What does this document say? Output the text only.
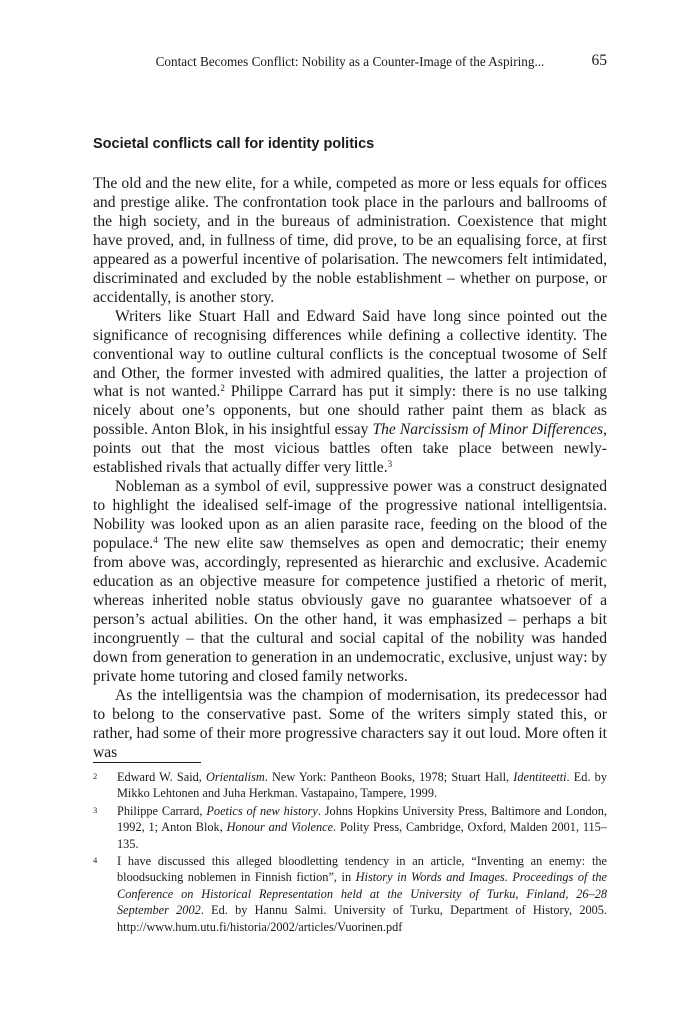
Contact Becomes Conflict: Nobility as a Counter-Image of the Aspiring...	65
Societal conflicts call for identity politics

The old and the new elite, for a while, competed as more or less equals for offices and prestige alike. The confrontation took place in the parlours and ballrooms of the high society, and in the bureaus of administration. Coexistence that might have proved, and, in fullness of time, did prove, to be an equalising force, at first appeared as a powerful incentive of polarisation. The newcomers felt intimidated, discriminated and excluded by the noble establishment – whether on purpose, or accidentally, is another story.

Writers like Stuart Hall and Edward Said have long since pointed out the significance of recognising differences while defining a collective identity. The conventional way to outline cultural conflicts is the conceptual twosome of Self and Other, the former invested with admired qualities, the latter a projection of what is not wanted.$^2$ Philippe Carrard has put it simply: there is no use talking nicely about one’s opponents, but one should rather paint them as black as possible. Anton Blok, in his insightful essay The Narcissism of Minor Differences, points out that the most vicious battles often take place between newly-established rivals that actually differ very little.$^3$

Nobleman as a symbol of evil, suppressive power was a construct designated to highlight the idealised self-image of the progressive national intelligentsia. Nobility was looked upon as an alien parasite race, feeding on the blood of the populace.$^4$ The new elite saw themselves as open and democratic; their enemy from above was, accordingly, represented as hierarchic and exclusive. Academic education as an objective measure for competence justified a rhetoric of merit, whereas inherited noble status obviously gave no guarantee whatsoever of a person’s actual abilities. On the other hand, it was emphasized – perhaps a bit incongruently – that the cultural and social capital of the nobility was handed down from generation to generation in an undemocratic, exclusive, unjust way: by private home tutoring and closed family networks.

As the intelligentsia was the champion of modernisation, its predecessor had to belong to the conservative past. Some of the writers simply stated this, or rather, had some of their more progressive characters say it out loud. More often it was

2 Edward W. Said, Orientalism. New York: Pantheon Books, 1978; Stuart Hall, Identiteetti. Ed. by Mikko Lehtonen and Juha Herkman. Vastapaino, Tampere, 1999.
3 Philippe Carrard, Poetics of new history. Johns Hopkins University Press, Baltimore and London, 1992, 1; Anton Blok, Honour and Violence. Polity Press, Cambridge, Oxford, Malden 2001, 115–135.
4 I have discussed this alleged bloodletting tendency in an article, “Inventing an enemy: the bloodsucking noblemen in Finnish fiction”, in History in Words and Images. Proceedings of the Conference on Historical Representation held at the University of Turku, Finland, 26–28 September 2002. Ed. by Hannu Salmi. University of Turku, Department of History, 2005. http://www.hum.utu.fi/historia/2002/articles/Vuorinen.pdf
